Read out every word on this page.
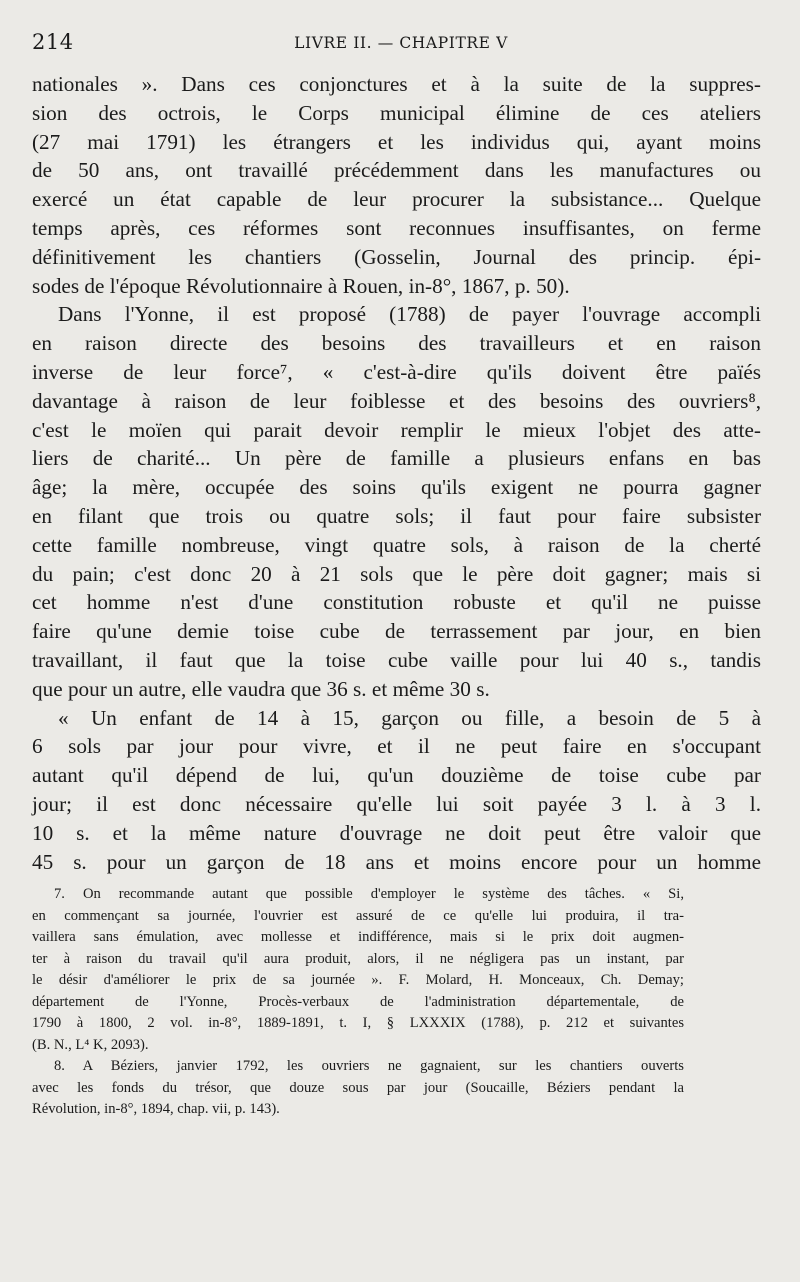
214	LIVRE II. — CHAPITRE V
nationales ». Dans ces conjonctures et à la suite de la suppres-
sion des octrois, le Corps municipal élimine de ces ateliers
(27 mai 1791) les étrangers et les individus qui, ayant moins
de 50 ans, ont travaillé précédemment dans les manufactures ou
exercé un état capable de leur procurer la subsistance... Quelque
temps après, ces réformes sont reconnues insuffisantes, on ferme
définitivement les chantiers (Gosselin, Journal des princip. épi-
sodes de l'époque Révolutionnaire à Rouen, in-8°, 1867, p. 50).
Dans l'Yonne, il est proposé (1788) de payer l'ouvrage accompli
en raison directe des besoins des travailleurs et en raison
inverse de leur force⁷, « c'est-à-dire qu'ils doivent être païés
davantage à raison de leur foiblesse et des besoins des ouvriers⁸,
c'est le moïen qui parait devoir remplir le mieux l'objet des atte-
liers de charité... Un père de famille a plusieurs enfans en bas
âge; la mère, occupée des soins qu'ils exigent ne pourra gagner
en filant que trois ou quatre sols; il faut pour faire subsister
cette famille nombreuse, vingt quatre sols, à raison de la cherté
du pain; c'est donc 20 à 21 sols que le père doit gagner; mais si
cet homme n'est d'une constitution robuste et qu'il ne puisse
faire qu'une demie toise cube de terrassement par jour, en bien
travaillant, il faut que la toise cube vaille pour lui 40 s., tandis
que pour un autre, elle vaudra que 36 s. et même 30 s.
« Un enfant de 14 à 15, garçon ou fille, a besoin de 5 à
6 sols par jour pour vivre, et il ne peut faire en s'occupant
autant qu'il dépend de lui, qu'un douzième de toise cube par
jour; il est donc nécessaire qu'elle lui soit payée 3 l. à 3 l.
10 s. et la même nature d'ouvrage ne doit peut être valoir que
45 s. pour un garçon de 18 ans et moins encore pour un homme
7. On recommande autant que possible d'employer le système des tâches. « Si,
en commençant sa journée, l'ouvrier est assuré de ce qu'elle lui produira, il tra-
vaillera sans émulation, avec mollesse et indifférence, mais si le prix doit augmen-
ter à raison du travail qu'il aura produit, alors, il ne négligera pas un instant, par
le désir d'améliorer le prix de sa journée ». F. Molard, H. Monceaux, Ch. Demay;
département de l'Yonne, Procès-verbaux de l'administration départementale, de
1790 à 1800, 2 vol. in-8°, 1889-1891, t. I, § LXXXIX (1788), p. 212 et suivantes
(B. N., L⁴ K, 2093).
8. A Béziers, janvier 1792, les ouvriers ne gagnaient, sur les chantiers ouverts
avec les fonds du trésor, que douze sous par jour (Soucaille, Béziers pendant la
Révolution, in-8°, 1894, chap. vii, p. 143).
